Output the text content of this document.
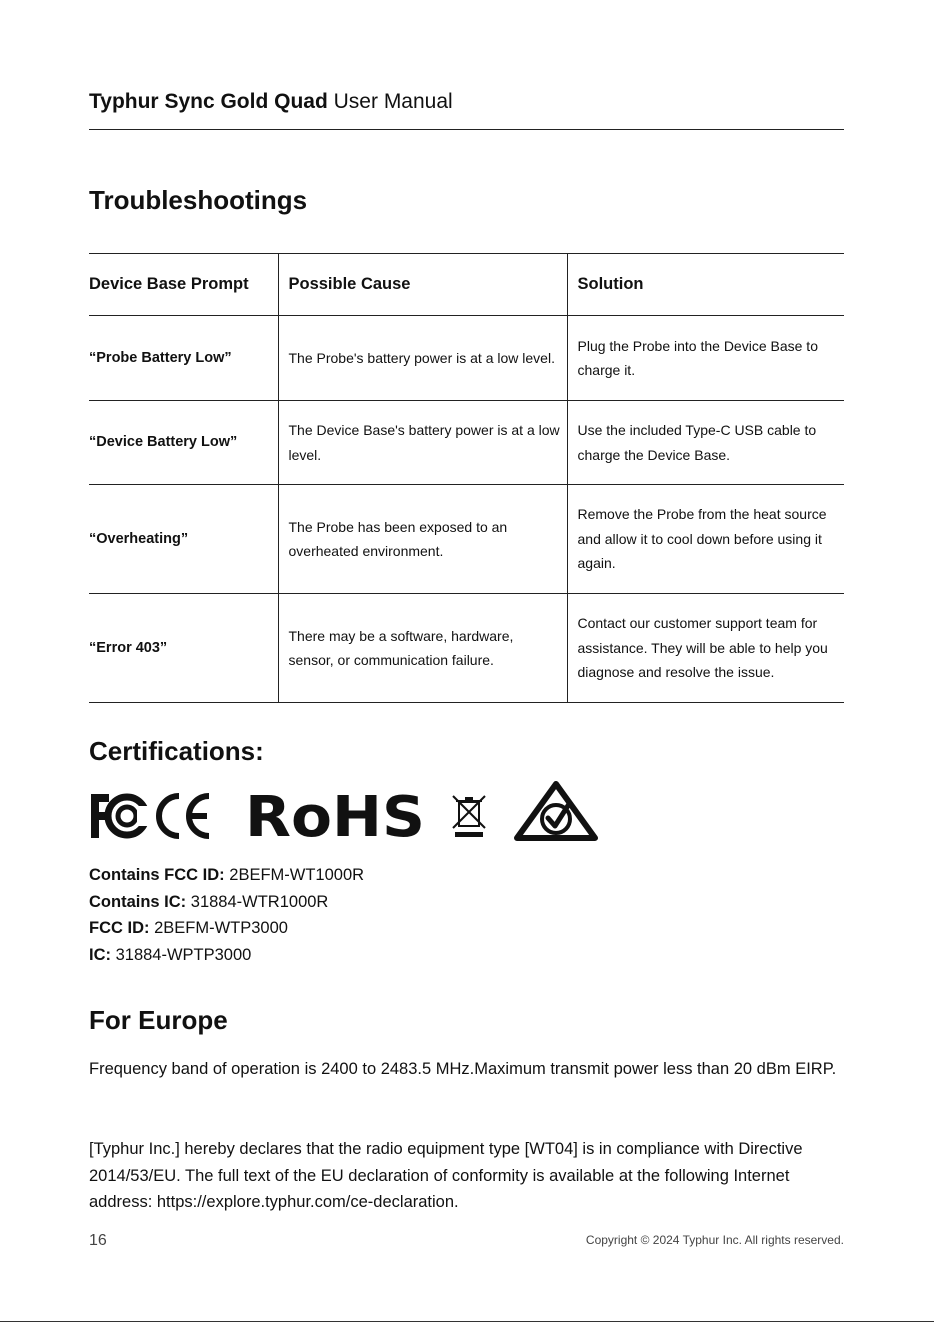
Typhur Sync Gold Quad User Manual
Troubleshootings
Device Base Prompt	Possible Cause	Solution
“Probe Battery Low”	The Probe's battery power is at a low level.	Plug the Probe into the Device Base to charge it.
“Device Battery Low”	The Device Base's battery power is at a low level.	Use the included Type-C USB cable to charge the Device Base.
“Overheating”	The Probe has been exposed to an overheated environment.	Remove the Probe from the heat source and allow it to cool down before using it again.
“Error 403”	There may be a software, hardware, sensor, or communication failure.	Contact our customer support team for assistance. They will be able to help you diagnose and resolve the issue.
Certifications:
RoHS
Contains FCC ID: 2BEFM-WT1000R
Contains IC: 31884-WTR1000R
FCC ID: 2BEFM-WTP3000
IC: 31884-WPTP3000
For Europe

Frequency band of operation is 2400 to 2483.5 MHz.Maximum transmit power less than 20 dBm EIRP.

[Typhur Inc.] hereby declares that the radio equipment type [WT04] is in compliance with Directive 2014/53/EU. The full text of the EU declaration of conformity is available at the following Internet address: https://explore.typhur.com/ce-declaration.

16	Copyright © 2024 Typhur Inc. All rights reserved.
